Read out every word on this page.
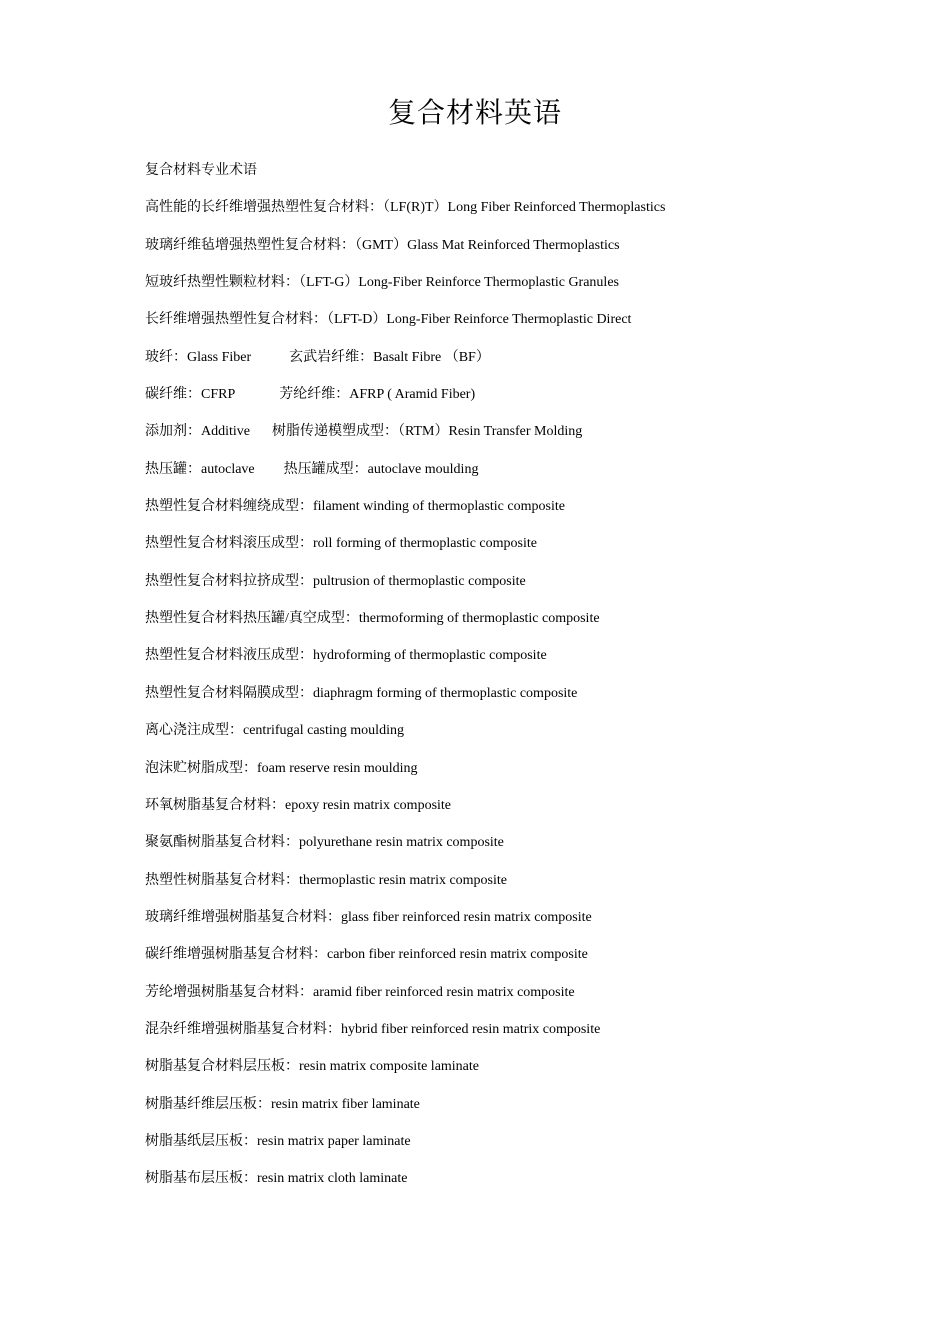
复合材料英语
复合材料专业术语
高性能的长纤维增强热塑性复合材料：（LF(R)T）Long Fiber Reinforced Thermoplastics
玻璃纤维毡增强热塑性复合材料：（GMT）Glass Mat Reinforced Thermoplastics
短玻纤热塑性颗粒材料：（LFT-G）Long-Fiber Reinforce Thermoplastic Granules
长纤维增强热塑性复合材料：（LFT-D）Long-Fiber Reinforce Thermoplastic Direct
玻纤：Glass Fiber	玄武岩纤维：Basalt Fibre （BF）
碳纤维：CFRP	芳纶纤维：AFRP ( Aramid Fiber)
添加剂：Additive 树脂传递模塑成型：（RTM）Resin Transfer Molding
热压罐：autoclave 热压罐成型：autoclave moulding
热塑性复合材料缠绕成型：filament winding of thermoplastic composite
热塑性复合材料滚压成型：roll forming of thermoplastic composite
热塑性复合材料拉挤成型：pultrusion of thermoplastic composite
热塑性复合材料热压罐/真空成型：thermoforming of thermoplastic composite
热塑性复合材料液压成型：hydroforming of thermoplastic composite
热塑性复合材料隔膜成型：diaphragm forming of thermoplastic composite
离心浇注成型：centrifugal casting moulding
泡沫贮树脂成型：foam reserve resin moulding
环氧树脂基复合材料：epoxy resin matrix composite
聚氨酯树脂基复合材料：polyurethane resin matrix composite
热塑性树脂基复合材料：thermoplastic resin matrix composite
玻璃纤维增强树脂基复合材料：glass fiber reinforced resin matrix composite
碳纤维增强树脂基复合材料：carbon fiber reinforced resin matrix composite
芳纶增强树脂基复合材料：aramid fiber reinforced resin matrix composite
混杂纤维增强树脂基复合材料：hybrid fiber reinforced resin matrix composite
树脂基复合材料层压板：resin matrix composite laminate
树脂基纤维层压板：resin matrix fiber laminate
树脂基纸层压板：resin matrix paper laminate
树脂基布层压板：resin matrix cloth laminate
